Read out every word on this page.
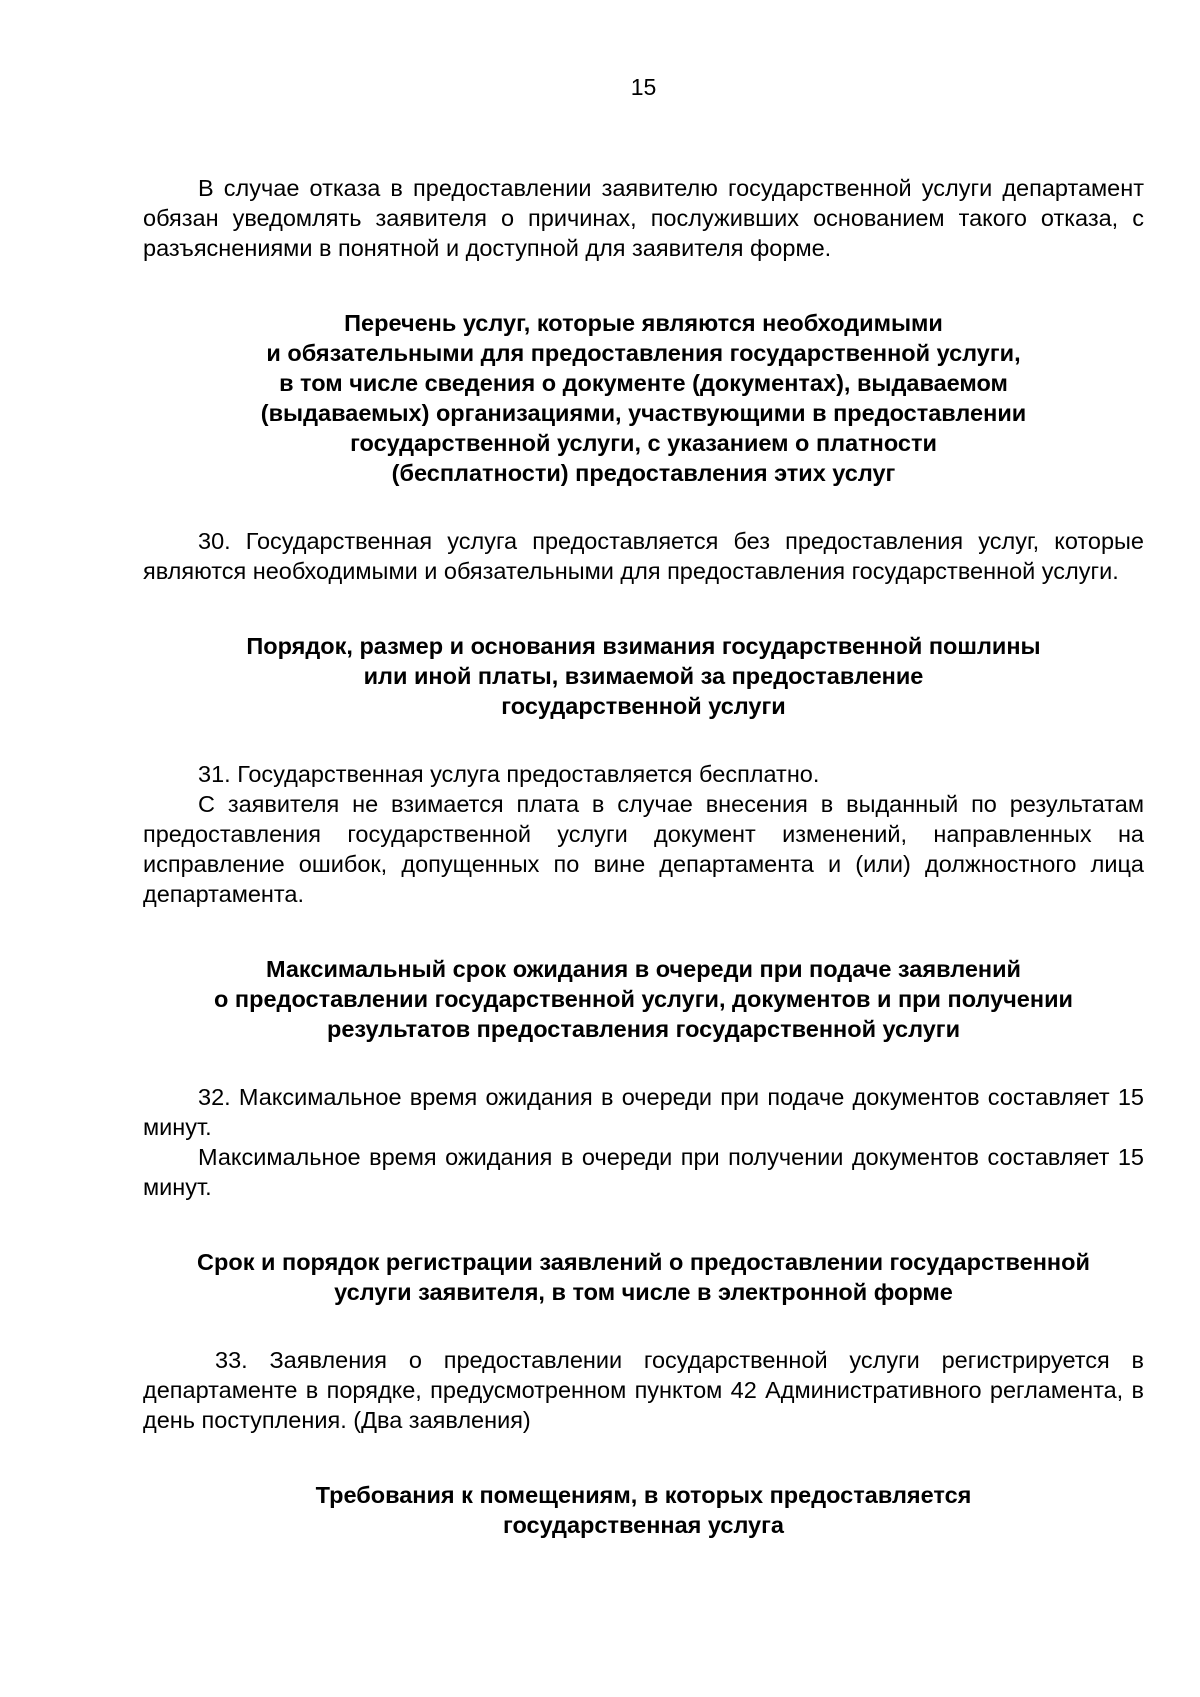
15

В случае отказа в предоставлении заявителю государственной услуги департамент обязан уведомлять заявителя о причинах, послуживших основанием такого отказа, с разъяснениями в понятной и доступной для заявителя форме.

Перечень услуг, которые являются необходимыми
и обязательными для предоставления государственной услуги,
в том числе сведения о документе (документах), выдаваемом
(выдаваемых) организациями, участвующими в предоставлении
государственной услуги, с указанием о платности
(бесплатности) предоставления этих услуг

30. Государственная услуга предоставляется без предоставления услуг, которые являются необходимыми и обязательными для предоставления государственной услуги.

Порядок, размер и основания взимания государственной пошлины
или иной платы, взимаемой за предоставление
государственной услуги

31. Государственная услуга предоставляется бесплатно.

С заявителя не взимается плата в случае внесения в выданный по результатам предоставления государственной услуги документ изменений, направленных на исправление ошибок, допущенных по вине департамента и (или) должностного лица департамента.

Максимальный срок ожидания в очереди при подаче заявлений
о предоставлении государственной услуги, документов и при получении
результатов предоставления государственной услуги

32. Максимальное время ожидания в очереди при подаче документов составляет 15 минут.

Максимальное время ожидания в очереди при получении документов составляет 15 минут.

Срок и порядок регистрации заявлений о предоставлении государственной
услуги заявителя, в том числе в электронной форме

33. Заявления о предоставлении государственной услуги регистрируется в департаменте в порядке, предусмотренном пунктом 42 Административного регламента, в день поступления. (Два заявления)

Требования к помещениям, в которых предоставляется
государственная услуга
